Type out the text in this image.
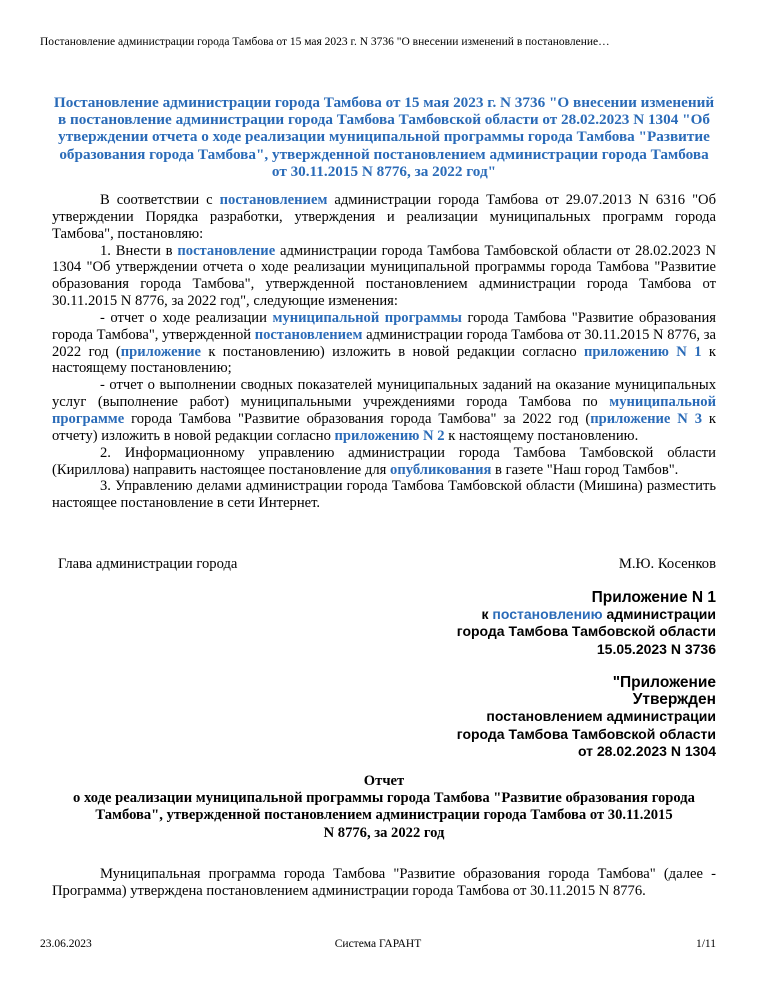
Постановление администрации города Тамбова от 15 мая 2023 г. N 3736 "О внесении изменений в постановление…
Постановление администрации города Тамбова от 15 мая 2023 г. N 3736 "О внесении изменений в постановление администрации города Тамбова Тамбовской области от 28.02.2023 N 1304 "Об утверждении отчета о ходе реализации муниципальной программы города Тамбова "Развитие образования города Тамбова", утвержденной постановлением администрации города Тамбова от 30.11.2015 N 8776, за 2022 год"

В соответствии с постановлением администрации города Тамбова от 29.07.2013 N 6316 "Об утверждении Порядка разработки, утверждения и реализации муниципальных программ города Тамбова", постановляю:

1. Внести в постановление администрации города Тамбова Тамбовской области от 28.02.2023 N 1304 "Об утверждении отчета о ходе реализации муниципальной программы города Тамбова "Развитие образования города Тамбова", утвержденной постановлением администрации города Тамбова от 30.11.2015 N 8776, за 2022 год", следующие изменения:

- отчет о ходе реализации муниципальной программы города Тамбова "Развитие образования города Тамбова", утвержденной постановлением администрации города Тамбова от 30.11.2015 N 8776, за 2022 год (приложение к постановлению) изложить в новой редакции согласно приложению N 1 к настоящему постановлению;

- отчет о выполнении сводных показателей муниципальных заданий на оказание муниципальных услуг (выполнение работ) муниципальными учреждениями города Тамбова по муниципальной программе города Тамбова "Развитие образования города Тамбова" за 2022 год (приложение N 3 к отчету) изложить в новой редакции согласно приложению N 2 к настоящему постановлению.

2. Информационному управлению администрации города Тамбова Тамбовской области (Кириллова) направить настоящее постановление для опубликования в газете "Наш город Тамбов".

3. Управлению делами администрации города Тамбова Тамбовской области (Мишина) разместить настоящее постановление в сети Интернет.

Глава администрации города	М.Ю. Косенков
Приложение N 1
к постановлению администрации
города Тамбова Тамбовской области
15.05.2023 N 3736
"Приложение
Утвержден
постановлением администрации
города Тамбова Тамбовской области
от 28.02.2023 N 1304
Отчет
о ходе реализации муниципальной программы города Тамбова "Развитие образования города
Тамбова", утвержденной постановлением администрации города Тамбова от 30.11.2015
N 8776, за 2022 год

Муниципальная программа города Тамбова "Развитие образования города Тамбова" (далее - Программа) утверждена постановлением администрации города Тамбова от 30.11.2015 N 8776.

23.06.2023	Система ГАРАНТ	1/11
